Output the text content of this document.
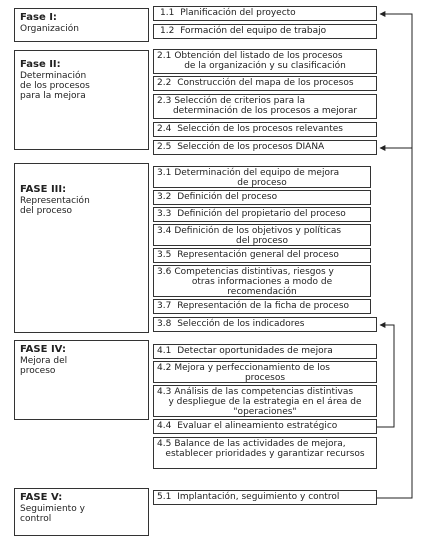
Fase I:
Organización
Fase II:
Determinación
de los procesos
para la mejora
FASE III:
Representación
del proceso
FASE IV:
Mejora del
proceso
FASE V:
Seguimiento y
control
1.1 Planificación del proyecto
1.2 Formación del equipo de trabajo
2.1 Obtención del listado de los procesos
de la organización y su clasificación
2.2 Construcción del mapa de los procesos
2.3 Selección de criterios para la
determinación de los procesos a mejorar
2.4 Selección de los procesos relevantes
2.5 Selección de los procesos DIANA
3.1 Determinación del equipo de mejora
de proceso
3.2 Definición del proceso
3.3 Definición del propietario del proceso
3.4 Definición de los objetivos y políticas
del proceso
3.5 Representación general del proceso
3.6 Competencias distintivas, riesgos y
otras informaciones a modo de recomendación
3.7 Representación de la ficha de proceso
3.8 Selección de los indicadores
4.1 Detectar oportunidades de mejora
4.2 Mejora y perfeccionamiento de los
procesos
4.3 Análisis de las competencias distintivas
y despliegue de la estrategia en el área de "operaciones"
4.4 Evaluar el alineamiento estratégico
4.5 Balance de las actividades de mejora,
establecer prioridades y garantizar recursos
5.1 Implantación, seguimiento y control
